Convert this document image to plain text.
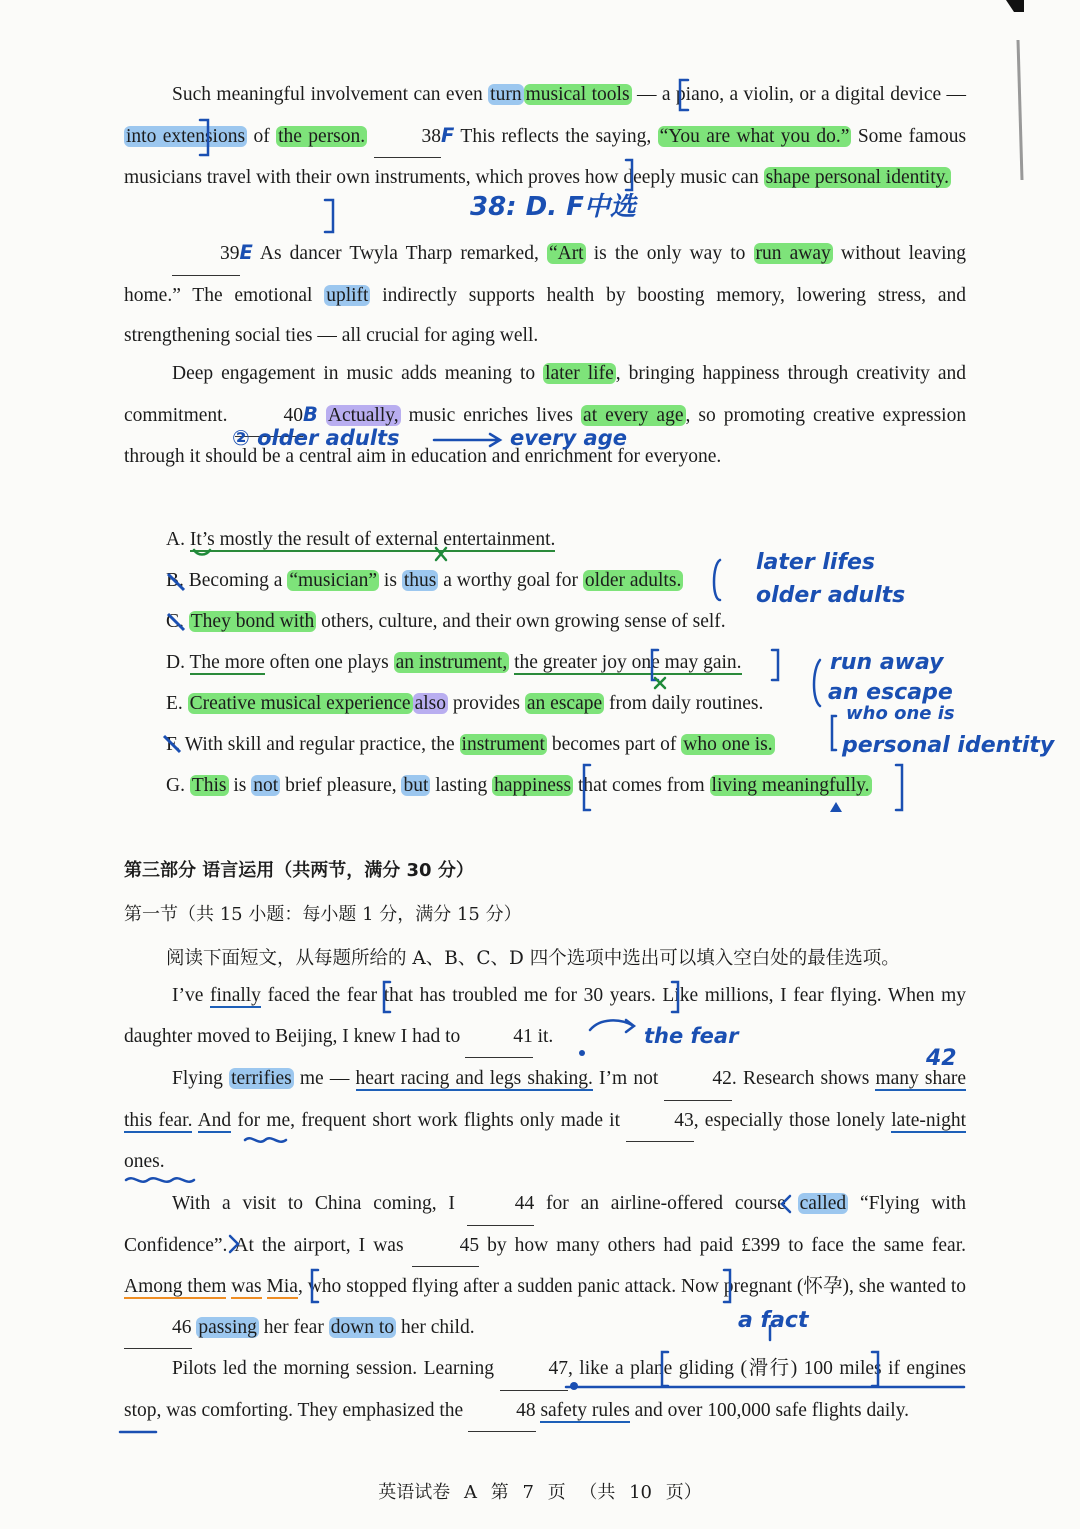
Such meaningful involvement can even turn musical tools — a piano, a violin, or a digital device — into extensions of the person.	38F This reflects the saying, “You are what you do.” Some famous musicians travel with their own instruments, which proves how deeply music can shape personal identity.
39E As dancer Twyla Tharp remarked, “Art is the only way to run away without leaving home.” The emotional uplift indirectly supports health by boosting memory, lowering stress, and strengthening social ties — all crucial for aging well.
Deep engagement in music adds meaning to later life , bringing happiness through creativity and commitment.	40B Actually, music enriches lives at every age , so promoting creative expression through it should be a central aim in education and enrichment for everyone.
A. It’s mostly the result of external entertainment.
B. Becoming a “musician” is thus a worthy goal for older adults.
C. They bond with others, culture, and their own growing sense of self.
D. The more often one plays an instrument, the greater joy one may gain.
E. Creative musical experience also provides an escape from daily routines.
F. With skill and regular practice, the instrument becomes part of who one is.
G. This is not brief pleasure, but lasting happiness that comes from living meaningfully.
第三部分 语言运用（共两节，满分 30 分）
第一节（共 15 小题：每小题 1 分，满分 15 分）
阅读下面短文，从每题所给的 A、B、C、D 四个选项中选出可以填入空白处的最佳选项。
I’ve finally faced the fear that has troubled me for 30 years. Like millions, I fear flying. When my daughter moved to Beijing, I knew I had to	41 it.
Flying terrifies me — heart racing and legs shaking. I’m not	42. Research shows many share this fear. And for me, frequent short work flights only made it	43, especially those lonely late-night ones.
With a visit to China coming, I	44 for an airline-offered course called “Flying with Confidence”. At the airport, I was	45 by how many others had paid £399 to face the same fear. Among them was Mia, who stopped flying after a sudden panic attack. Now pregnant (怀孕), she wanted to 46 passing her fear down to her child.
Pilots led the morning session. Learning	47, like a plane gliding (滑行) 100 miles if engines stop, was comforting. They emphasized the	48 safety rules and over 100,000 safe flights daily.
38: D. F中选
② older adults	every age
later lifes
older adults
run away
an escape
who one is
personal identity
the fear
42
a fact
英语试卷 A 第 7 页 （共 10 页）
